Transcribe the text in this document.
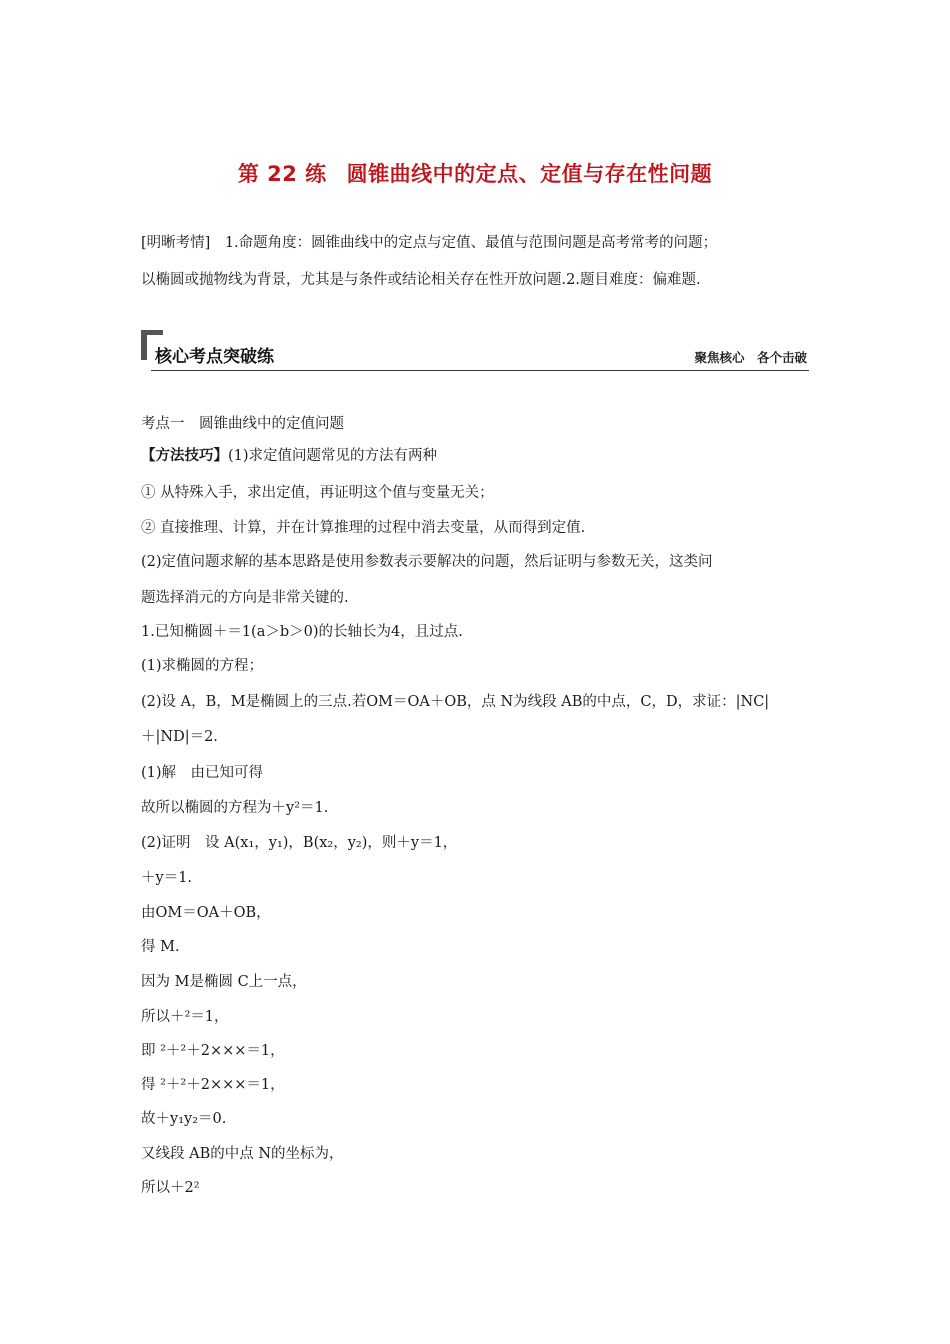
第 22 练 圆锥曲线中的定点、定值与存在性问题
[明晰考情]　 1.命题角度：圆锥曲线中的定点与定值、最值与范围问题是高考常考的问题；
以椭圆或抛物线为背景，尤其是与条件或结论相关存在性开放问题.2.题目难度：偏难题.
核心考点突破练	聚焦核心　各个击破
考点一　圆锥曲线中的定值问题
【方法技巧】(1)求定值问题常见的方法有两种
① 从特殊入手，求出定值，再证明这个值与变量无关；
② 直接推理、计算，并在计算推理的过程中消去变量，从而得到定值.
(2)定值问题求解的基本思路是使用参数表示要解决的问题，然后证明与参数无关，这类问
题选择消元的方向是非常关键的.
1.已知椭圆＋＝1(a＞b＞0)的长轴长为4，且过点.
(1)求椭圆的方程；
(2)设 A，B，M是椭圆上的三点.若OM＝OA＋OB，点 N为线段 AB的中点，C，D，求证：|NC|
＋|ND|＝2.
(1)解　由已知可得
故所以椭圆的方程为＋y²＝1.
(2)证明　设 A(x₁，y₁)，B(x₂，y₂)，则＋y＝1，
＋y＝1.
由OM＝OA＋OB，
得 M.
因为 M是椭圆 C上一点，
所以＋²＝1，
即 ²＋²＋2×××＝1，
得 ²＋²＋2×××＝1，
故＋y₁y₂＝0.
又线段 AB的中点 N的坐标为，
所以＋2²
